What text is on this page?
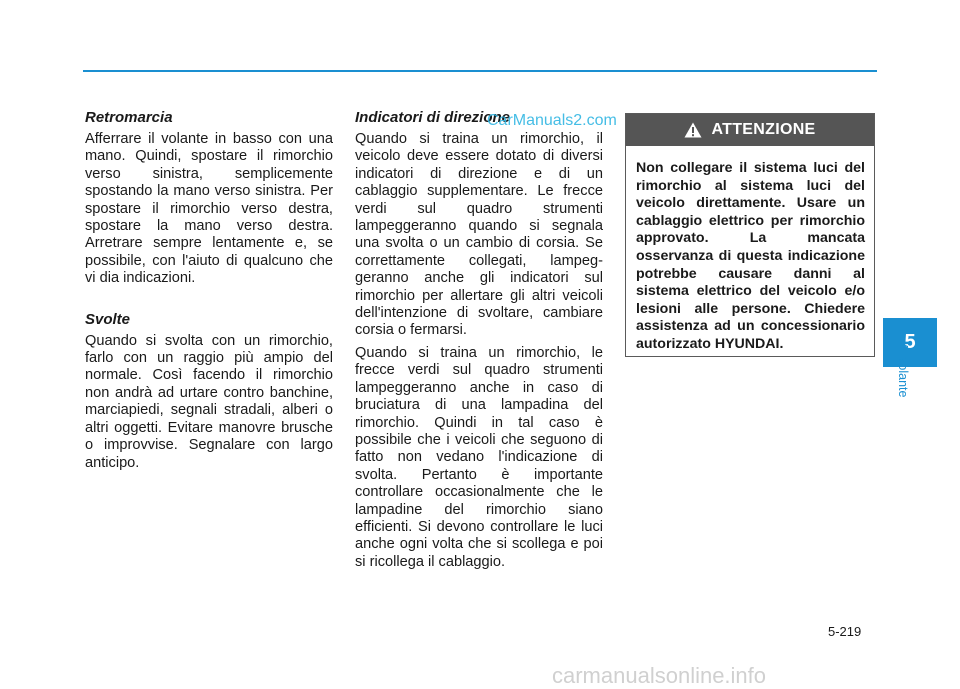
Retromarcia

Afferrare il volante in basso con una mano. Quindi, spostare il rimorchio verso sinistra, semplicemente spostando la mano verso sinistra. Per spostare il rimorchio verso destra, spostare la mano verso destra. Arretrare sempre lentamente e, se possibile, con l'aiuto di qualcuno che vi dia indicazioni.

Svolte

Quando si svolta con un rimorchio, farlo con un raggio più ampio del normale. Così facendo il rimorchio non andrà ad urtare contro banchine, marciapiedi, segnali stradali, alberi o altri oggetti. Evitare manovre brusche o improvvise. Segnalare con largo anticipo.

Indicatori di direzione

Quando si traina un rimorchio, il veicolo deve essere dotato di diversi indicatori di direzione e di un cablaggio supplementare. Le frecce verdi sul quadro strumenti lampeggeranno quando si segnala una svolta o un cambio di corsia. Se correttamente collegati, lampeg-geranno anche gli indicatori sul rimorchio per allertare gli altri veicoli dell'intenzione di svoltare, cambiare corsia o fermarsi.

Quando si traina un rimorchio, le frecce verdi sul quadro strumenti lampeggeranno anche in caso di bruciatura di una lampadina del rimorchio. Quindi in tal caso è possibile che i veicoli che seguono di fatto non vedano l'indicazione di svolta. Pertanto è importante controllare occasionalmente che le lampadine del rimorchio siano efficienti. Si devono controllare le luci anche ogni volta che si scollega e poi si ricollega il cablaggio.

CarManuals2.com
ATTENZIONE
Non collegare il sistema luci del rimorchio al sistema luci del veicolo direttamente. Usare un cablaggio elettrico per rimorchio approvato. La mancata osservanza di questa indicazione potrebbe causare danni al sistema elettrico del veicolo e/o lesioni alle persone. Chiedere assistenza ad un concessionario autorizzato HYUNDAI.	5
Al volante
5-219
carmanualsonline.info
